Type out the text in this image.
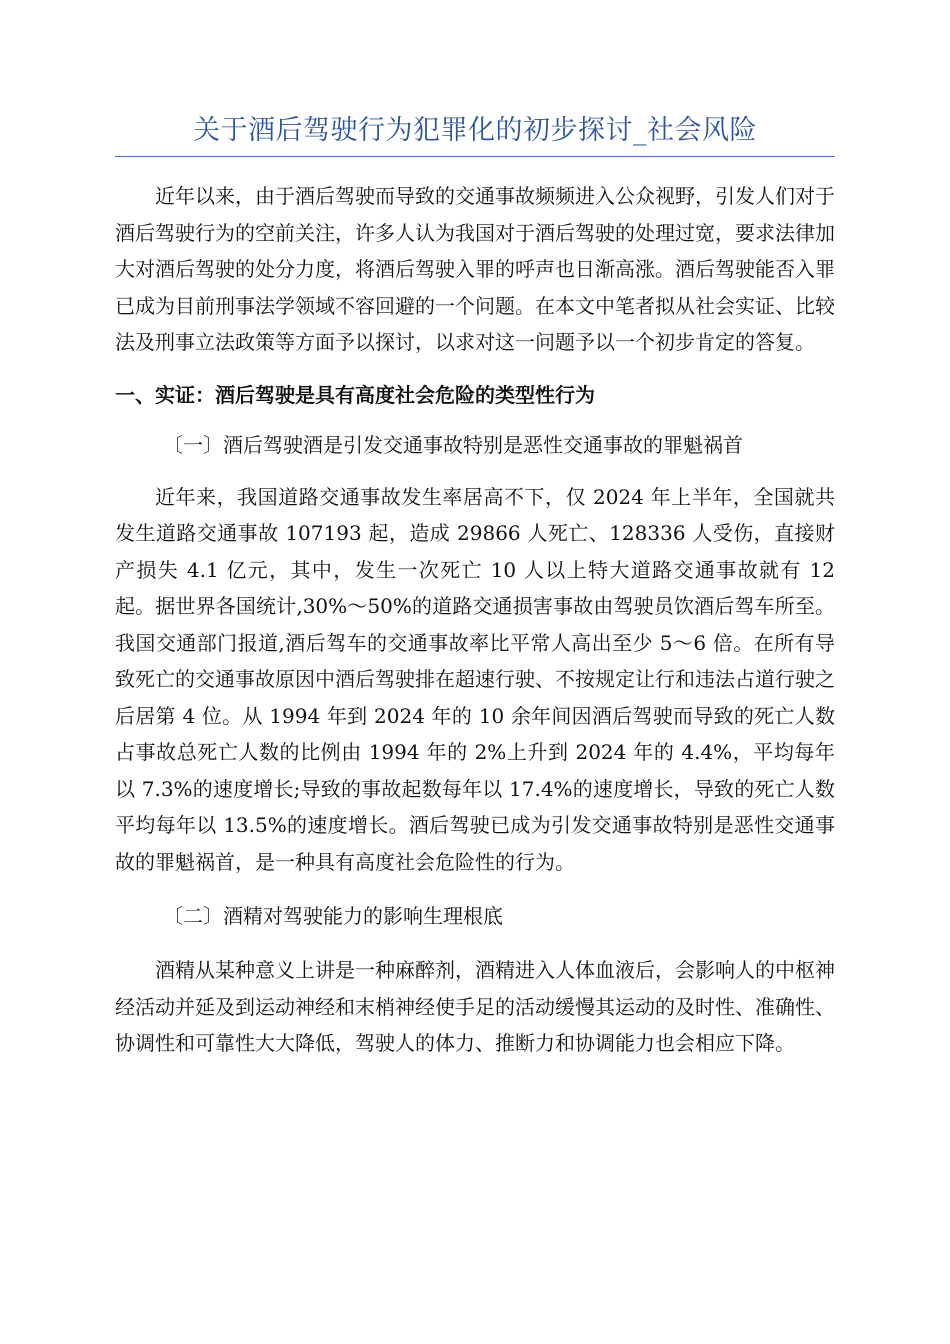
关于酒后驾驶行为犯罪化的初步探讨_社会风险

近年以来，由于酒后驾驶而导致的交通事故频频进入公众视野，引发人们对于酒后驾驶行为的空前关注，许多人认为我国对于酒后驾驶的处理过宽，要求法律加大对酒后驾驶的处分力度，将酒后驾驶入罪的呼声也日渐高涨。酒后驾驶能否入罪已成为目前刑事法学领域不容回避的一个问题。在本文中笔者拟从社会实证、比较法及刑事立法政策等方面予以探讨，以求对这一问题予以一个初步肯定的答复。

一、实证：酒后驾驶是具有高度社会危险的类型性行为

〔一〕酒后驾驶酒是引发交通事故特别是恶性交通事故的罪魁祸首

近年来，我国道路交通事故发生率居高不下，仅 2024 年上半年，全国就共发生道路交通事故 107193 起，造成 29866 人死亡、128336 人受伤，直接财产损失 4.1 亿元，其中，发生一次死亡 10 人以上特大道路交通事故就有 12 起。据世界各国统计,30%～50%的道路交通损害事故由驾驶员饮酒后驾车所至。我国交通部门报道,酒后驾车的交通事故率比平常人高出至少 5～6 倍。在所有导致死亡的交通事故原因中酒后驾驶排在超速行驶、不按规定让行和违法占道行驶之后居第 4 位。从 1994 年到 2024 年的 10 余年间因酒后驾驶而导致的死亡人数占事故总死亡人数的比例由 1994 年的 2%上升到 2024 年的 4.4%，平均每年以 7.3%的速度增长;导致的事故起数每年以 17.4%的速度增长，导致的死亡人数平均每年以 13.5%的速度增长。酒后驾驶已成为引发交通事故特别是恶性交通事故的罪魁祸首，是一种具有高度社会危险性的行为。

〔二〕酒精对驾驶能力的影响生理根底

酒精从某种意义上讲是一种麻醉剂，酒精进入人体血液后，会影响人的中枢神经活动并延及到运动神经和末梢神经使手足的活动缓慢其运动的及时性、准确性、协调性和可靠性大大降低，驾驶人的体力、推断力和协调能力也会相应下降。
